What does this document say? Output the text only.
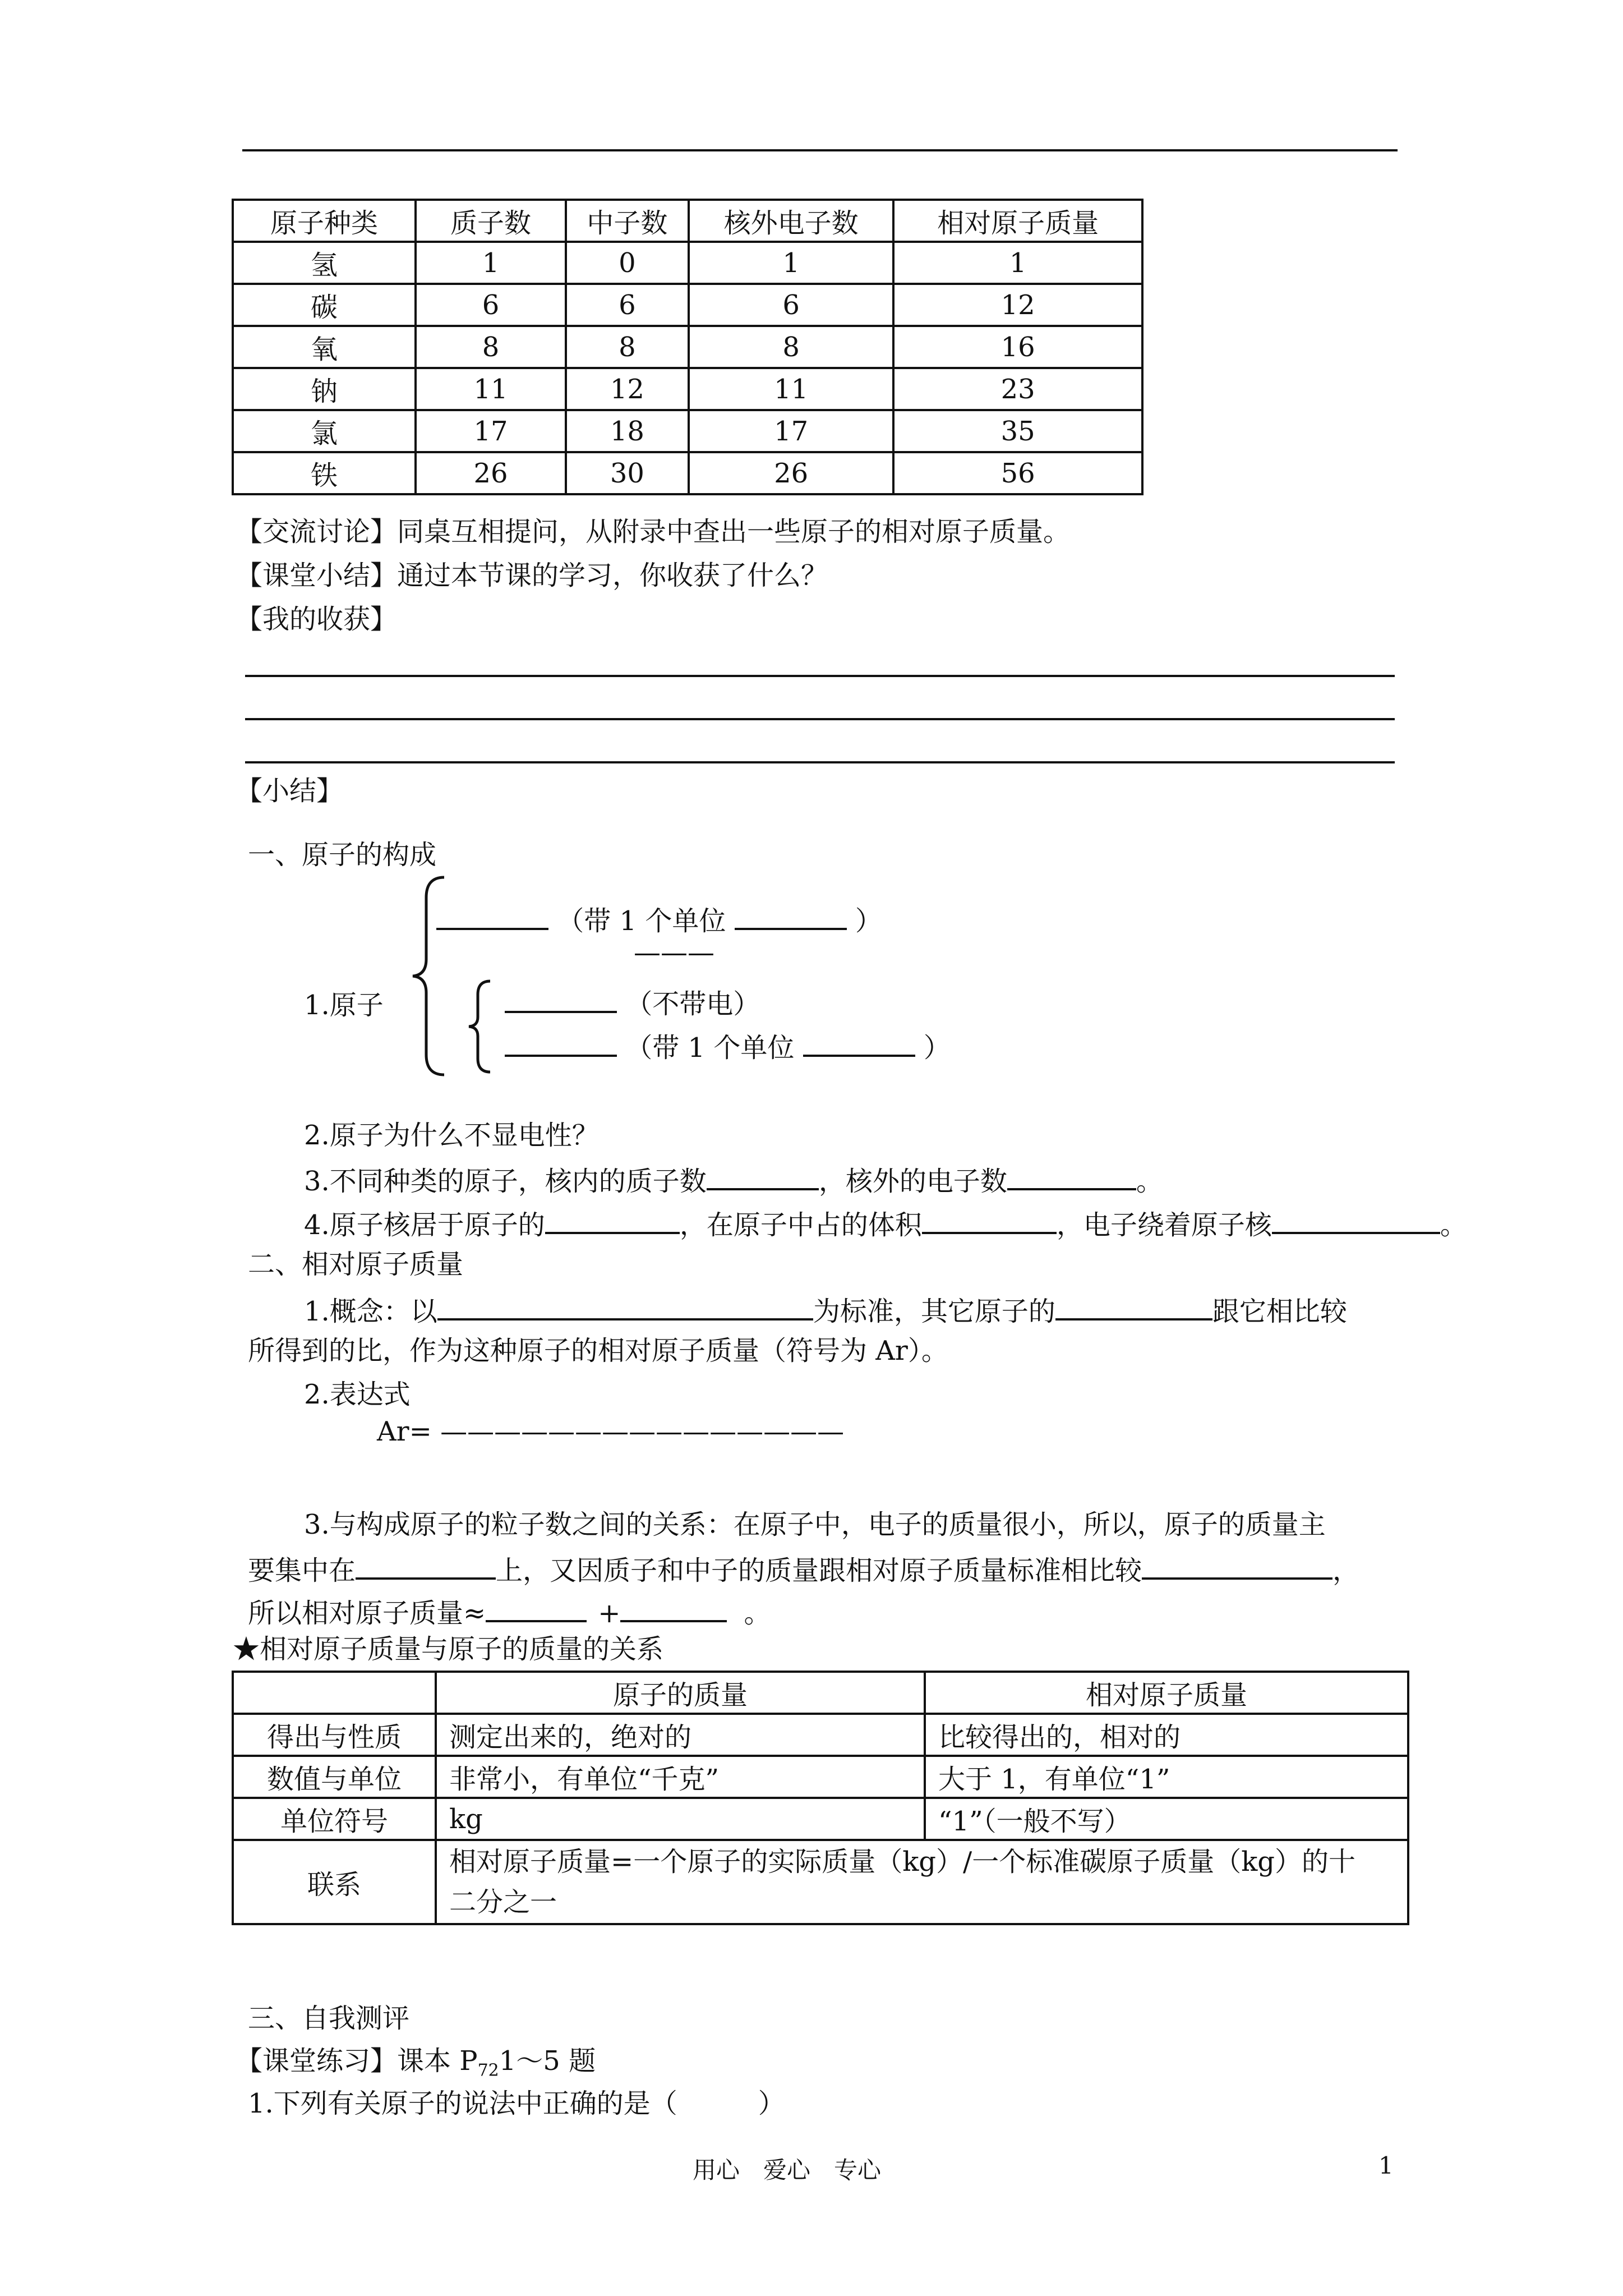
原子种类	质子数	中子数	核外电子数	相对原子质量
氢	1	0	1	1
碳	6	6	6	12
氧	8	8	8	16
钠	11	12	11	23
氯	17	18	17	35
铁	26	30	26	56
【交流讨论】同桌互相提问，从附录中查出一些原子的相对原子质量。
【课堂小结】通过本节课的学习，你收获了什么？
【我的收获】
【小结】
一、原子的构成
（带 1 个单位	）
———
1.原子	（不带电）
（带 1 个单位	）
2.原子为什么不显电性？
3.不同种类的原子，核内的质子数	，核外的电子数	。
4.原子核居于原子的	，在原子中占的体积	，电子绕着原子核	。
二、相对原子质量
1.概念：以	为标准，其它原子的	跟它相比较
所得到的比，作为这种原子的相对原子质量（符号为 Ar）。
2.表达式
Ar= ———————————————
3.与构成原子的粒子数之间的关系：在原子中，电子的质量很小，所以，原子的质量主
要集中在	上，又因质子和中子的质量跟相对原子质量标准相比较	，
所以相对原子质量≈	+	。
★相对原子质量与原子的质量的关系
	原子的质量	相对原子质量
得出与性质	测定出来的，绝对的	比较得出的，相对的
数值与单位	非常小，有单位“千克”	大于 1，有单位“1”
单位符号	kg	“1”（一般不写）
联系	相对原子质量=一个原子的实际质量（kg）/一个标准碳原子质量（kg）的十
二分之一	
三、自我测评
【课堂练习】课本 $P_{72}1\sim 5$ 题
1.下列有关原子的说法中正确的是（　　　）
用心　爱心　专心	1
